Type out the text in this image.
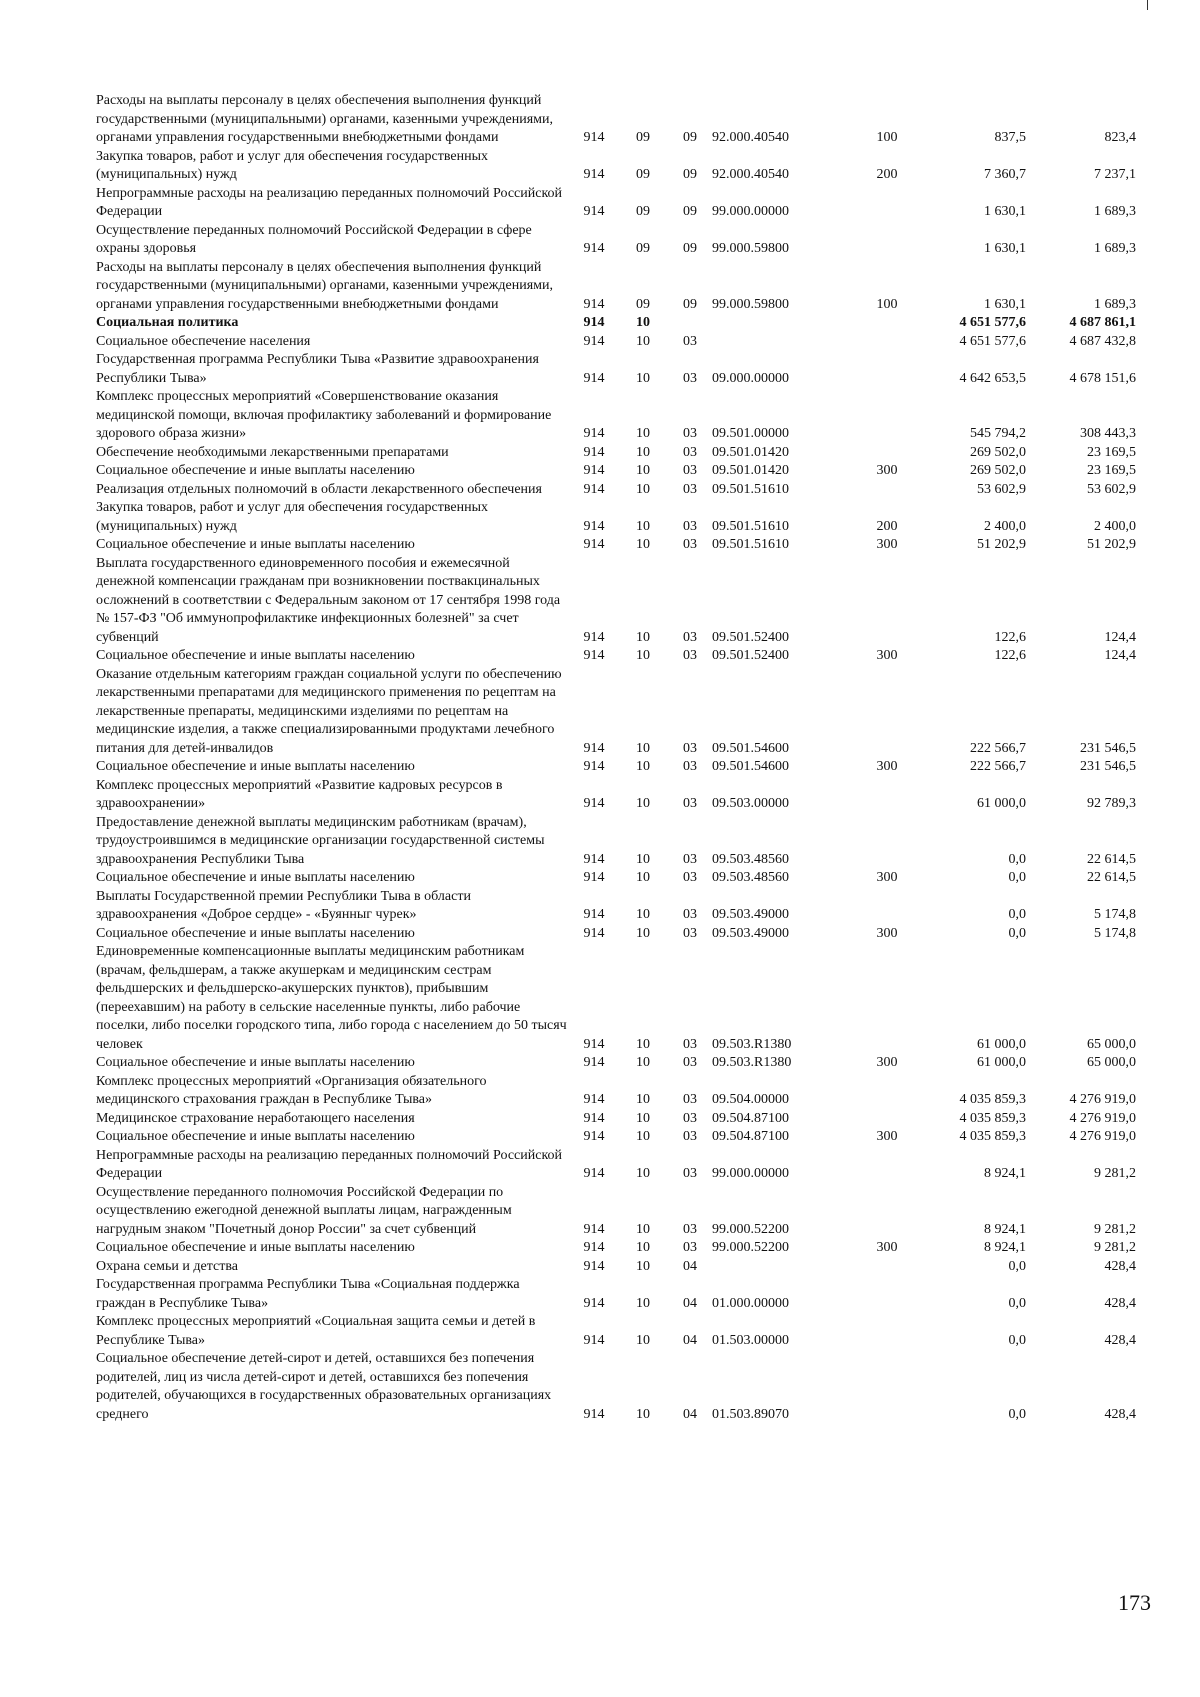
Расходы на выплаты персоналу в целях обеспечения выполнения функций государственными (муниципальными) органами, казенными учреждениями, органами управления государственными внебюджетными фондами	914	09	09	92.000.40540	100	837,5	823,4
Закупка товаров, работ и услуг для обеспечения государственных (муниципальных) нужд	914	09	09	92.000.40540	200	7 360,7	7 237,1
Непрограммные расходы на реализацию переданных полномочий Российской Федерации	914	09	09	99.000.00000		1 630,1	1 689,3
Осуществление переданных полномочий Российской Федерации в сфере охраны здоровья	914	09	09	99.000.59800		1 630,1	1 689,3
Расходы на выплаты персоналу в целях обеспечения выполнения функций государственными (муниципальными) органами, казенными учреждениями, органами управления государственными внебюджетными фондами	914	09	09	99.000.59800	100	1 630,1	1 689,3
Социальная политика	914	10				4 651 577,6	4 687 861,1
Социальное обеспечение населения	914	10	03			4 651 577,6	4 687 432,8
Государственная программа Республики Тыва «Развитие здравоохранения Республики Тыва»	914	10	03	09.000.00000		4 642 653,5	4 678 151,6
Комплекс процессных мероприятий «Совершенствование оказания медицинской помощи, включая профилактику заболеваний и формирование здорового образа жизни»	914	10	03	09.501.00000		545 794,2	308 443,3
Обеспечение необходимыми лекарственными препаратами	914	10	03	09.501.01420		269 502,0	23 169,5
Социальное обеспечение и иные выплаты населению	914	10	03	09.501.01420	300	269 502,0	23 169,5
Реализация отдельных полномочий в области лекарственного обеспечения	914	10	03	09.501.51610		53 602,9	53 602,9
Закупка товаров, работ и услуг для обеспечения государственных (муниципальных) нужд	914	10	03	09.501.51610	200	2 400,0	2 400,0
Социальное обеспечение и иные выплаты населению	914	10	03	09.501.51610	300	51 202,9	51 202,9
Выплата государственного единовременного пособия и ежемесячной денежной компенсации гражданам при возникновении поствакцинальных осложнений в соответствии с Федеральным законом от 17 сентября 1998 года № 157-ФЗ "Об иммунопрофилактике инфекционных болезней" за счет субвенций	914	10	03	09.501.52400		122,6	124,4
Социальное обеспечение и иные выплаты населению	914	10	03	09.501.52400	300	122,6	124,4
Оказание отдельным категориям граждан социальной услуги по обеспечению лекарственными препаратами для медицинского применения по рецептам на лекарственные препараты, медицинскими изделиями по рецептам на медицинские изделия, а также специализированными продуктами лечебного питания для детей-инвалидов	914	10	03	09.501.54600		222 566,7	231 546,5
Социальное обеспечение и иные выплаты населению	914	10	03	09.501.54600	300	222 566,7	231 546,5
Комплекс процессных мероприятий «Развитие кадровых ресурсов в здравоохранении»	914	10	03	09.503.00000		61 000,0	92 789,3
Предоставление денежной выплаты медицинским работникам (врачам), трудоустроившимся в медицинские организации государственной системы здравоохранения Республики Тыва	914	10	03	09.503.48560		0,0	22 614,5
Социальное обеспечение и иные выплаты населению	914	10	03	09.503.48560	300	0,0	22 614,5
Выплаты Государственной премии Республики Тыва в области здравоохранения «Доброе сердце» - «Буянныг чурек»	914	10	03	09.503.49000		0,0	5 174,8
Социальное обеспечение и иные выплаты населению	914	10	03	09.503.49000	300	0,0	5 174,8
Единовременные компенсационные выплаты медицинским работникам (врачам, фельдшерам, а также акушеркам и медицинским сестрам фельдшерских и фельдшерско-акушерских пунктов), прибывшим (переехавшим) на работу в сельские населенные пункты, либо рабочие поселки, либо поселки городского типа, либо города с населением до 50 тысяч человек	914	10	03	09.503.R1380		61 000,0	65 000,0
Социальное обеспечение и иные выплаты населению	914	10	03	09.503.R1380	300	61 000,0	65 000,0
Комплекс процессных мероприятий «Организация обязательного медицинского страхования граждан в Республике Тыва»	914	10	03	09.504.00000		4 035 859,3	4 276 919,0
Медицинское страхование неработающего населения	914	10	03	09.504.87100		4 035 859,3	4 276 919,0
Социальное обеспечение и иные выплаты населению	914	10	03	09.504.87100	300	4 035 859,3	4 276 919,0
Непрограммные расходы на реализацию переданных полномочий Российской Федерации	914	10	03	99.000.00000		8 924,1	9 281,2
Осуществление переданного полномочия Российской Федерации по осуществлению ежегодной денежной выплаты лицам, награжденным нагрудным знаком "Почетный донор России" за счет субвенций	914	10	03	99.000.52200		8 924,1	9 281,2
Социальное обеспечение и иные выплаты населению	914	10	03	99.000.52200	300	8 924,1	9 281,2
Охрана семьи и детства	914	10	04			0,0	428,4
Государственная программа Республики Тыва «Социальная поддержка граждан в Республике Тыва»	914	10	04	01.000.00000		0,0	428,4
Комплекс процессных мероприятий «Социальная защита семьи и детей в Республике Тыва»	914	10	04	01.503.00000		0,0	428,4
Социальное обеспечение детей-сирот и детей, оставшихся без попечения родителей, лиц из числа детей-сирот и детей, оставшихся без попечения родителей, обучающихся в государственных образовательных организациях среднего	914	10	04	01.503.89070		0,0	428,4
173
